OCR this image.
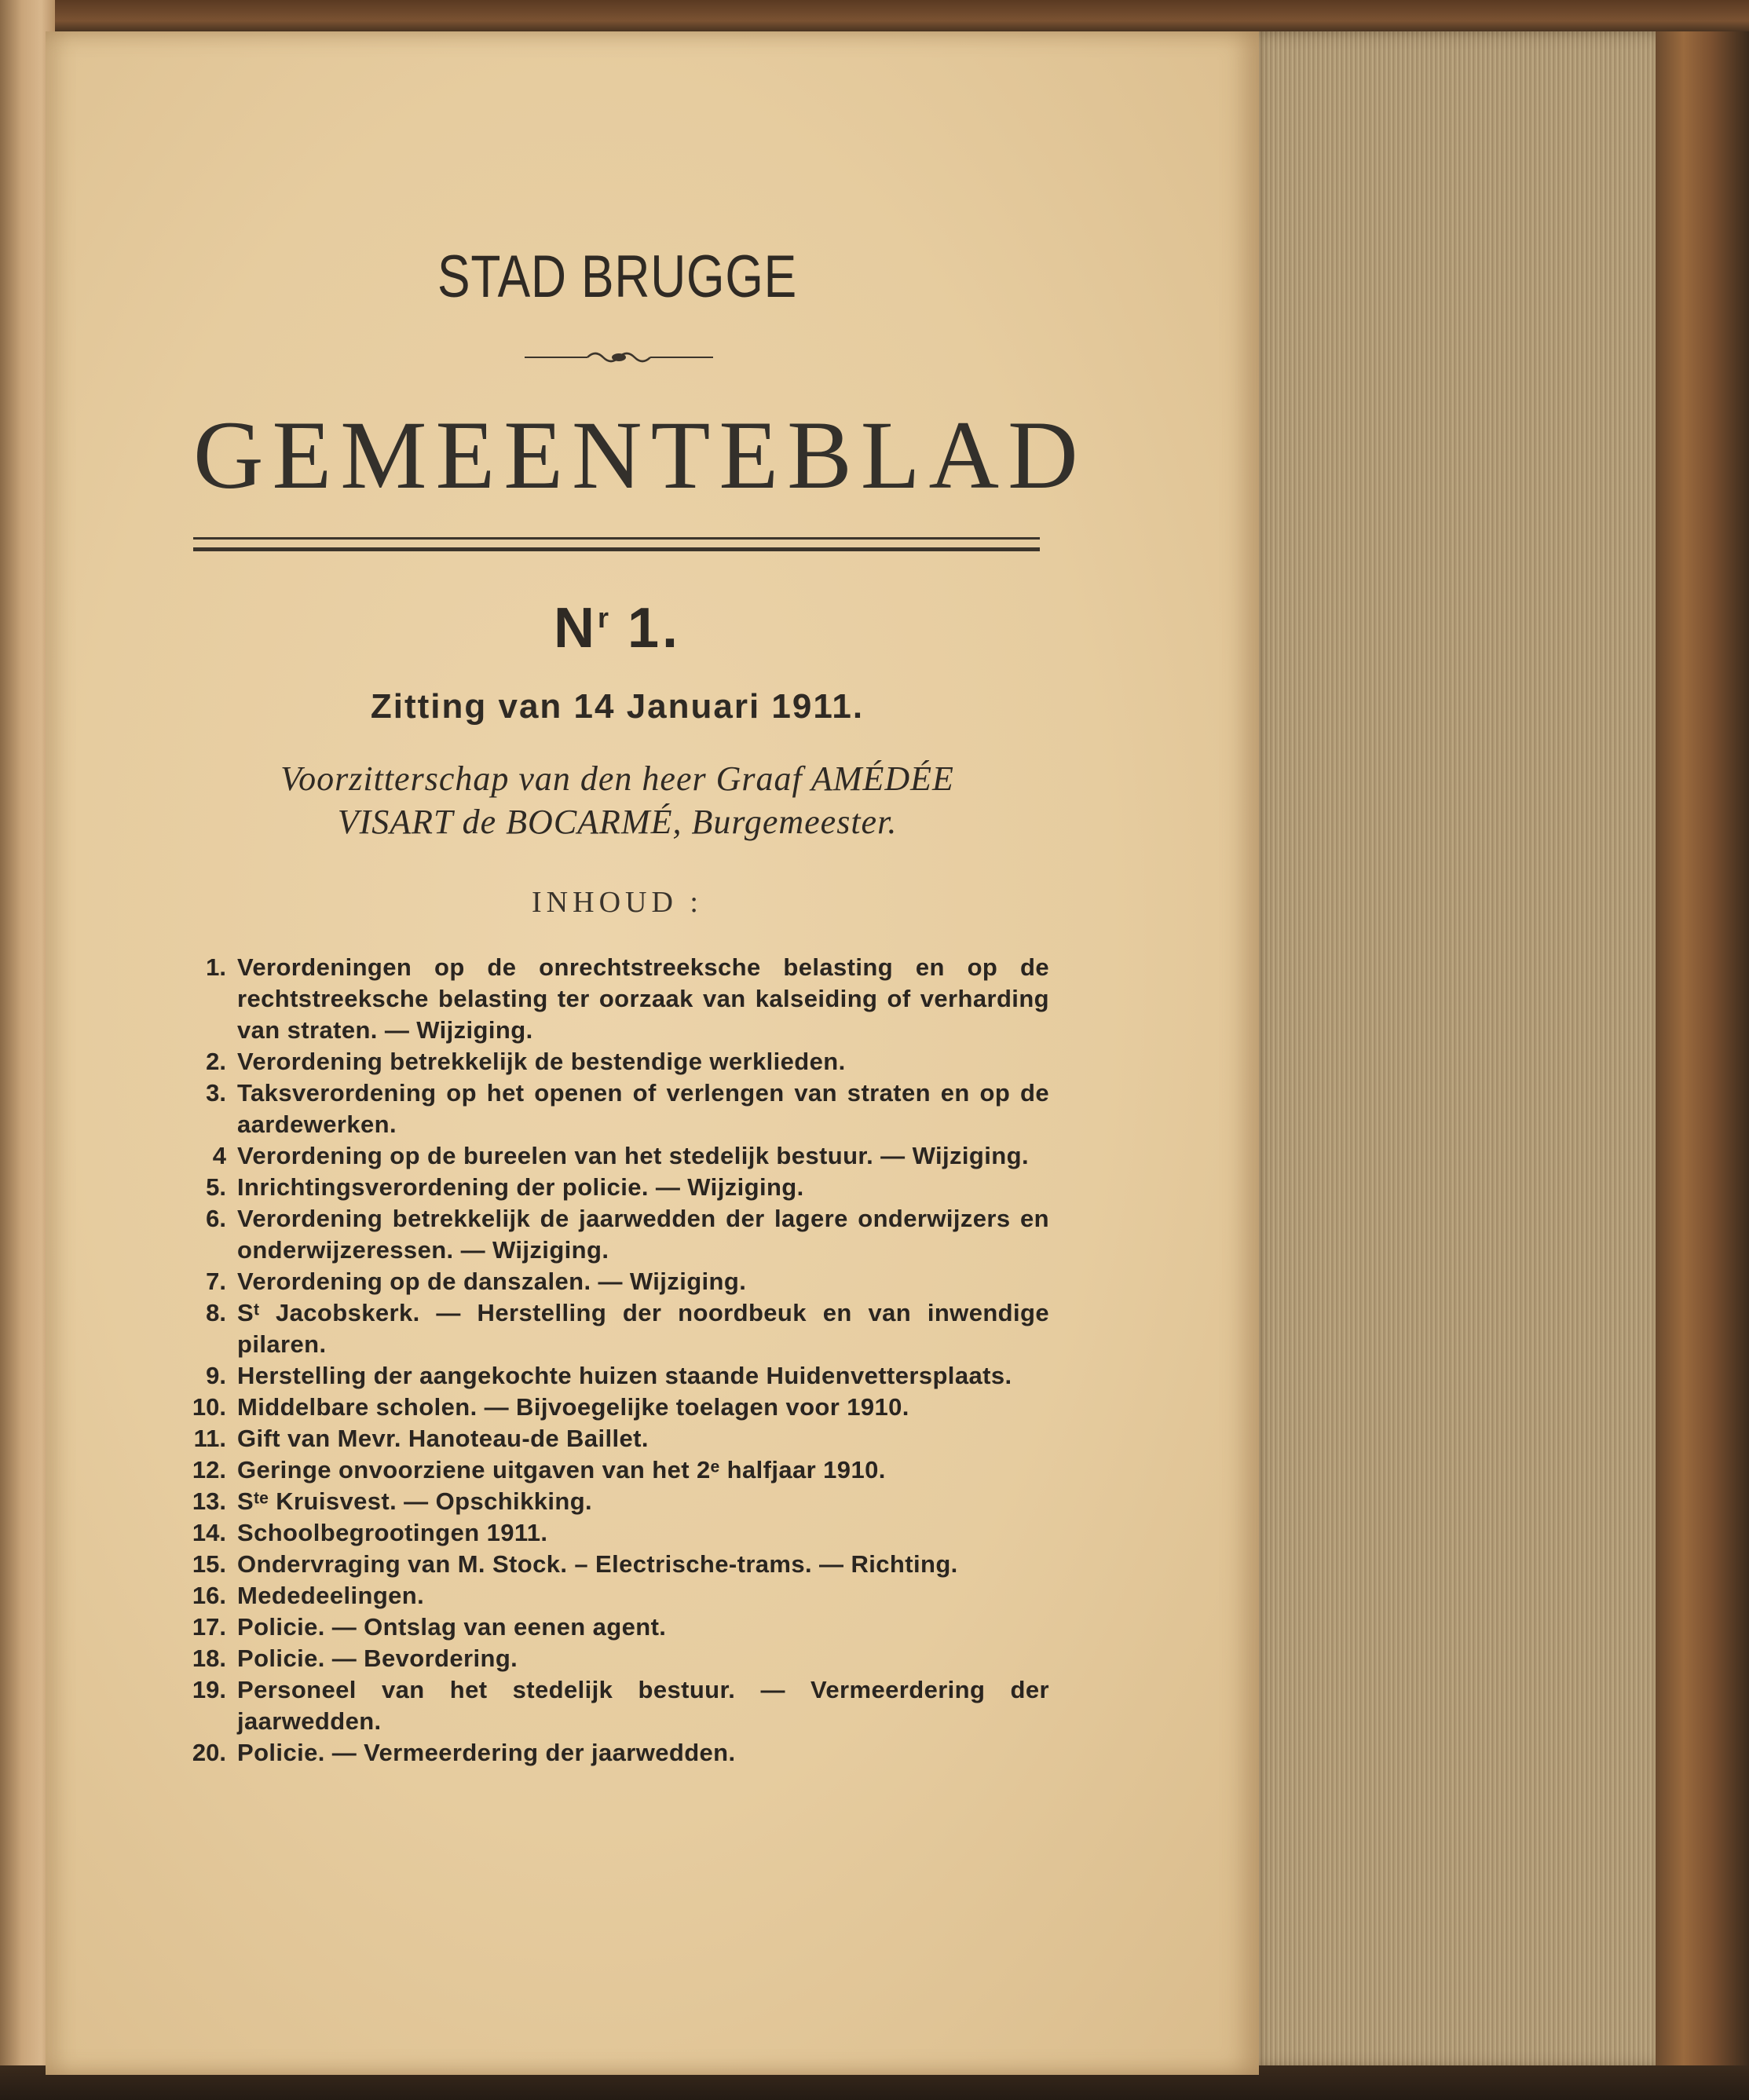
STAD BRUGGE
GEMEENTEBLAD
$N^r$ 1.
Zitting van 14 Januari 1911.
Voorzitterschap van den heer Graaf AMÉDÉE
VISART de BOCARMÉ, Burgemeester.
INHOUD :
1. Verordeningen op de onrechtstreeksche belasting en op de rechtstreeksche belasting ter oorzaak van kalseiding of verharding van straten. — Wijziging.
2. Verordening betrekkelijk de bestendige werklieden.
3. Taksverordening op het openen of verlengen van straten en op de aardewerken.
4 Verordening op de bureelen van het stedelijk bestuur. — Wijziging.
5. Inrichtingsverordening der policie. — Wijziging.
6. Verordening betrekkelijk de jaarwedden der lagere onderwijzers en onderwijzeressen. — Wijziging.
7. Verordening op de danszalen. — Wijziging.
8. Sᵗ Jacobskerk. — Herstelling der noordbeuk en van inwendige pilaren.
9. Herstelling der aangekochte huizen staande Huidenvettersplaats.
10. Middelbare scholen. — Bijvoegelijke toelagen voor 1910.
11. Gift van Mevr. Hanoteau-de Baillet.
12. Geringe onvoorziene uitgaven van het 2ᵉ halfjaar 1910.
13. Sᵗᵉ Kruisvest. — Opschikking.
14. Schoolbegrootingen 1911.
15. Ondervraging van M. Stock. – Electrische-trams. — Richting.
16. Mededeelingen.
17. Policie. — Ontslag van eenen agent.
18. Policie. — Bevordering.
19. Personeel van het stedelijk bestuur. — Vermeerdering der jaarwedden.
20. Policie. — Vermeerdering der jaarwedden.
